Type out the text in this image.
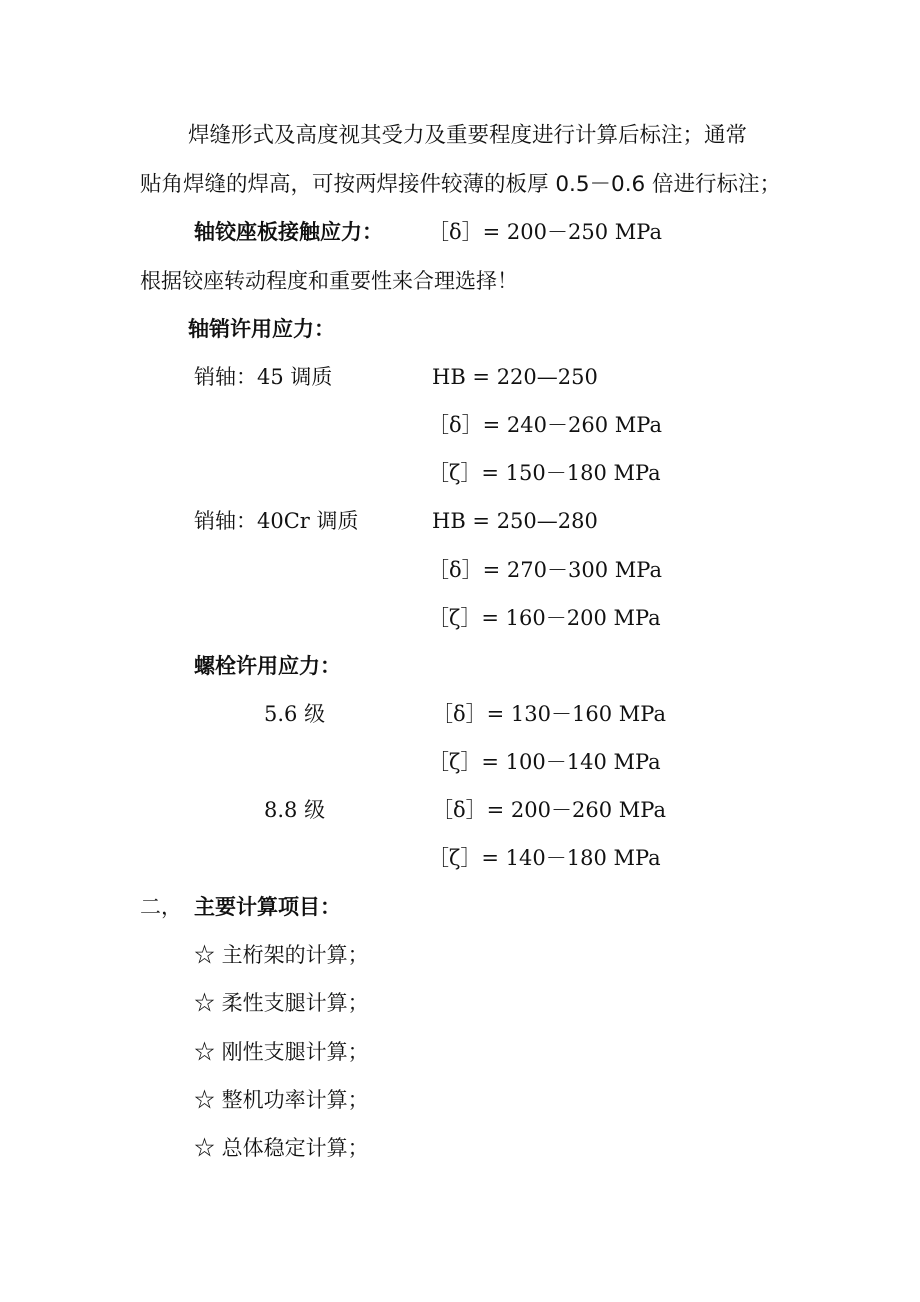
焊缝形式及高度视其受力及重要程度进行计算后标注；通常
贴角焊缝的焊高，可按两焊接件较薄的板厚 0.5－0.6 倍进行标注；
轴铰座板接触应力： ［δ］= 200－250 MPa
根据铰座转动程度和重要性来合理选择！
轴销许用应力：
销轴：45 调质	HB = 220—250
［δ］= 240－260 MPa
［ζ］= 150－180 MPa
销轴：40Cr 调质	HB = 250—280
［δ］= 270－300 MPa
［ζ］= 160－200 MPa
螺栓许用应力：
5.6 级	［δ］= 130－160 MPa
［ζ］= 100－140 MPa
8.8 级	［δ］= 200－260 MPa
［ζ］= 140－180 MPa
二， 主要计算项目：
☆ 主桁架的计算；
☆ 柔性支腿计算；
☆ 刚性支腿计算；
☆ 整机功率计算；
☆ 总体稳定计算；
